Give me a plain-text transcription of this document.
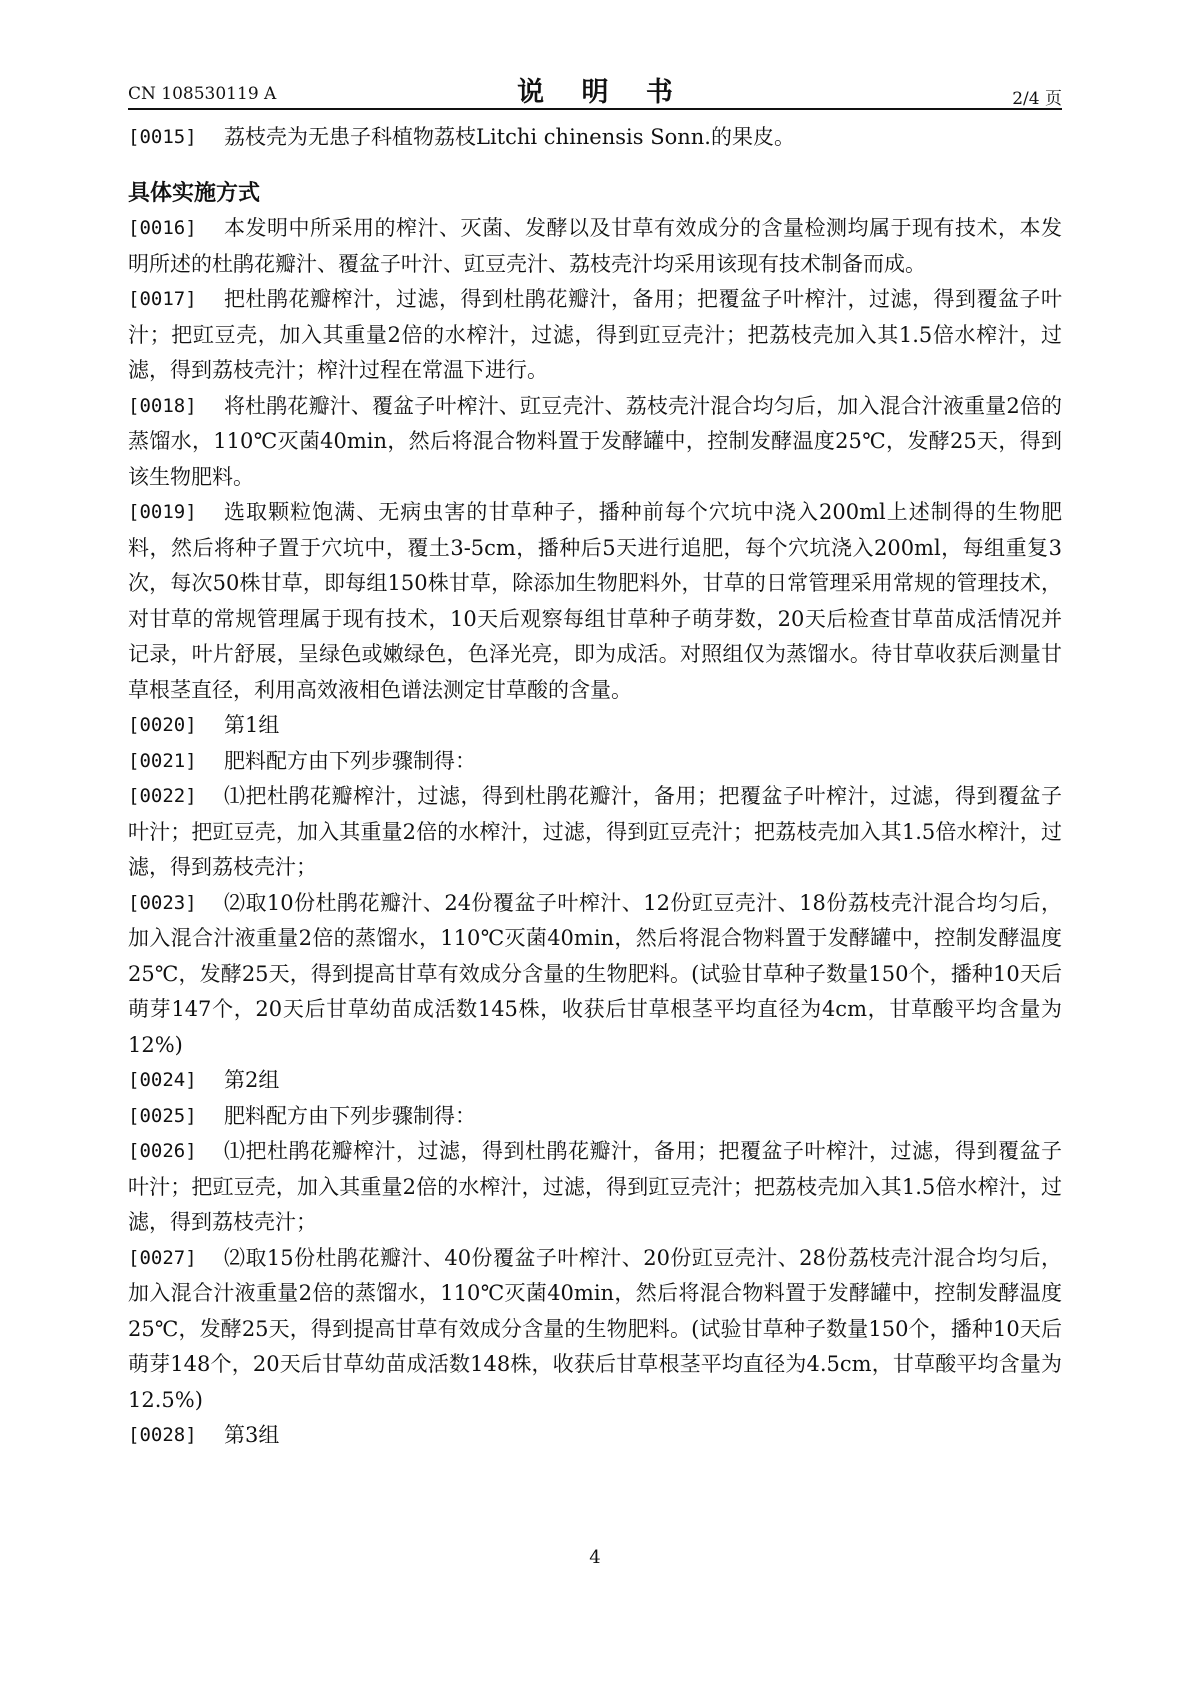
CN 108530119 A	说 明 书	2/4 页

[0015] 荔枝壳为无患子科植物荔枝Litchi chinensis Sonn.的果皮。

具体实施方式

[0016] 本发明中所采用的榨汁、灭菌、发酵以及甘草有效成分的含量检测均属于现有技术，本发明所述的杜鹃花瓣汁、覆盆子叶汁、豇豆壳汁、荔枝壳汁均采用该现有技术制备而成。

[0017] 把杜鹃花瓣榨汁，过滤，得到杜鹃花瓣汁，备用；把覆盆子叶榨汁，过滤，得到覆盆子叶汁；把豇豆壳，加入其重量2倍的水榨汁，过滤，得到豇豆壳汁；把荔枝壳加入其1.5倍水榨汁，过滤，得到荔枝壳汁；榨汁过程在常温下进行。

[0018] 将杜鹃花瓣汁、覆盆子叶榨汁、豇豆壳汁、荔枝壳汁混合均匀后，加入混合汁液重量2倍的蒸馏水，110℃灭菌40min，然后将混合物料置于发酵罐中，控制发酵温度25℃，发酵25天，得到该生物肥料。

[0019] 选取颗粒饱满、无病虫害的甘草种子，播种前每个穴坑中浇入200ml上述制得的生物肥料，然后将种子置于穴坑中，覆土3-5cm，播种后5天进行追肥，每个穴坑浇入200ml，每组重复3次，每次50株甘草，即每组150株甘草，除添加生物肥料外，甘草的日常管理采用常规的管理技术，对甘草的常规管理属于现有技术，10天后观察每组甘草种子萌芽数，20天后检查甘草苗成活情况并记录，叶片舒展，呈绿色或嫩绿色，色泽光亮，即为成活。对照组仅为蒸馏水。待甘草收获后测量甘草根茎直径，利用高效液相色谱法测定甘草酸的含量。

[0020] 第1组

[0021] 肥料配方由下列步骤制得：

[0022] ⑴把杜鹃花瓣榨汁，过滤，得到杜鹃花瓣汁，备用；把覆盆子叶榨汁，过滤，得到覆盆子叶汁；把豇豆壳，加入其重量2倍的水榨汁，过滤，得到豇豆壳汁；把荔枝壳加入其1.5倍水榨汁，过滤，得到荔枝壳汁；

[0023] ⑵取10份杜鹃花瓣汁、24份覆盆子叶榨汁、12份豇豆壳汁、18份荔枝壳汁混合均匀后，加入混合汁液重量2倍的蒸馏水，110℃灭菌40min，然后将混合物料置于发酵罐中，控制发酵温度25℃，发酵25天，得到提高甘草有效成分含量的生物肥料。(试验甘草种子数量150个，播种10天后萌芽147个，20天后甘草幼苗成活数145株，收获后甘草根茎平均直径为4cm，甘草酸平均含量为12%)

[0024] 第2组

[0025] 肥料配方由下列步骤制得：

[0026] ⑴把杜鹃花瓣榨汁，过滤，得到杜鹃花瓣汁，备用；把覆盆子叶榨汁，过滤，得到覆盆子叶汁；把豇豆壳，加入其重量2倍的水榨汁，过滤，得到豇豆壳汁；把荔枝壳加入其1.5倍水榨汁，过滤，得到荔枝壳汁；

[0027] ⑵取15份杜鹃花瓣汁、40份覆盆子叶榨汁、20份豇豆壳汁、28份荔枝壳汁混合均匀后，加入混合汁液重量2倍的蒸馏水，110℃灭菌40min，然后将混合物料置于发酵罐中，控制发酵温度25℃，发酵25天，得到提高甘草有效成分含量的生物肥料。(试验甘草种子数量150个，播种10天后萌芽148个，20天后甘草幼苗成活数148株，收获后甘草根茎平均直径为4.5cm，甘草酸平均含量为12.5%)

[0028] 第3组

4
